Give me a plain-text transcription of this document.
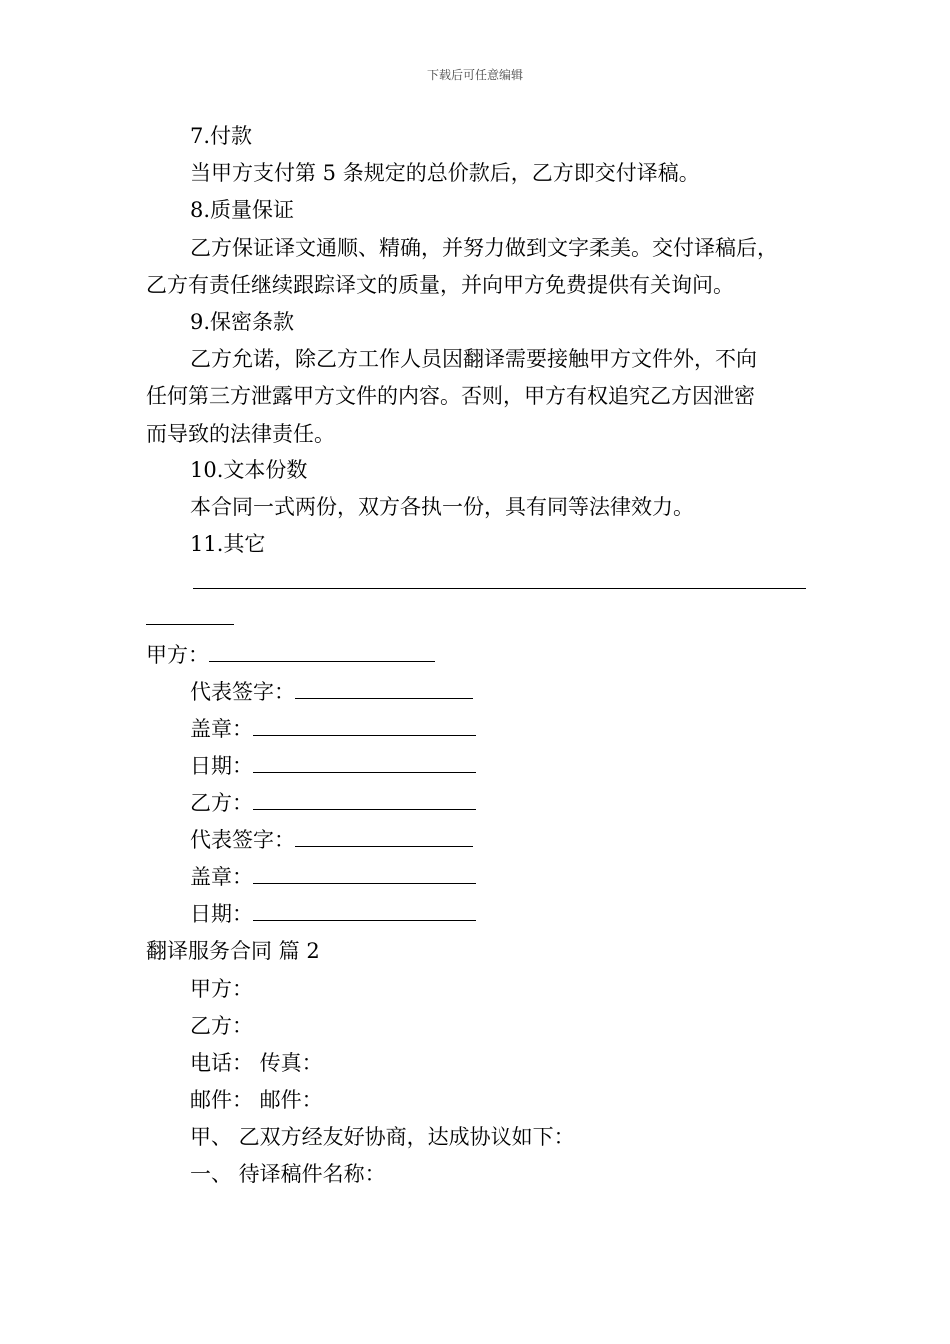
下载后可任意编辑
7.付款
当甲方支付第 5 条规定的总价款后，乙方即交付译稿。
8.质量保证
乙方保证译文通顺、精确，并努力做到文字柔美。交付译稿后，
乙方有责任继续跟踪译文的质量，并向甲方免费提供有关询问。
9.保密条款
乙方允诺，除乙方工作人员因翻译需要接触甲方文件外，不向
任何第三方泄露甲方文件的内容。否则，甲方有权追究乙方因泄密
而导致的法律责任。
10.文本份数
本合同一式两份，双方各执一份，具有同等法律效力。
11.其它
甲方：
代表签字：
盖章：
日期：
乙方：
代表签字：
盖章：
日期：
翻译服务合同 篇 2
甲方：
乙方：
电话： 传真：
邮件： 邮件：
甲、 乙双方经友好协商，达成协议如下：
一、 待译稿件名称：
